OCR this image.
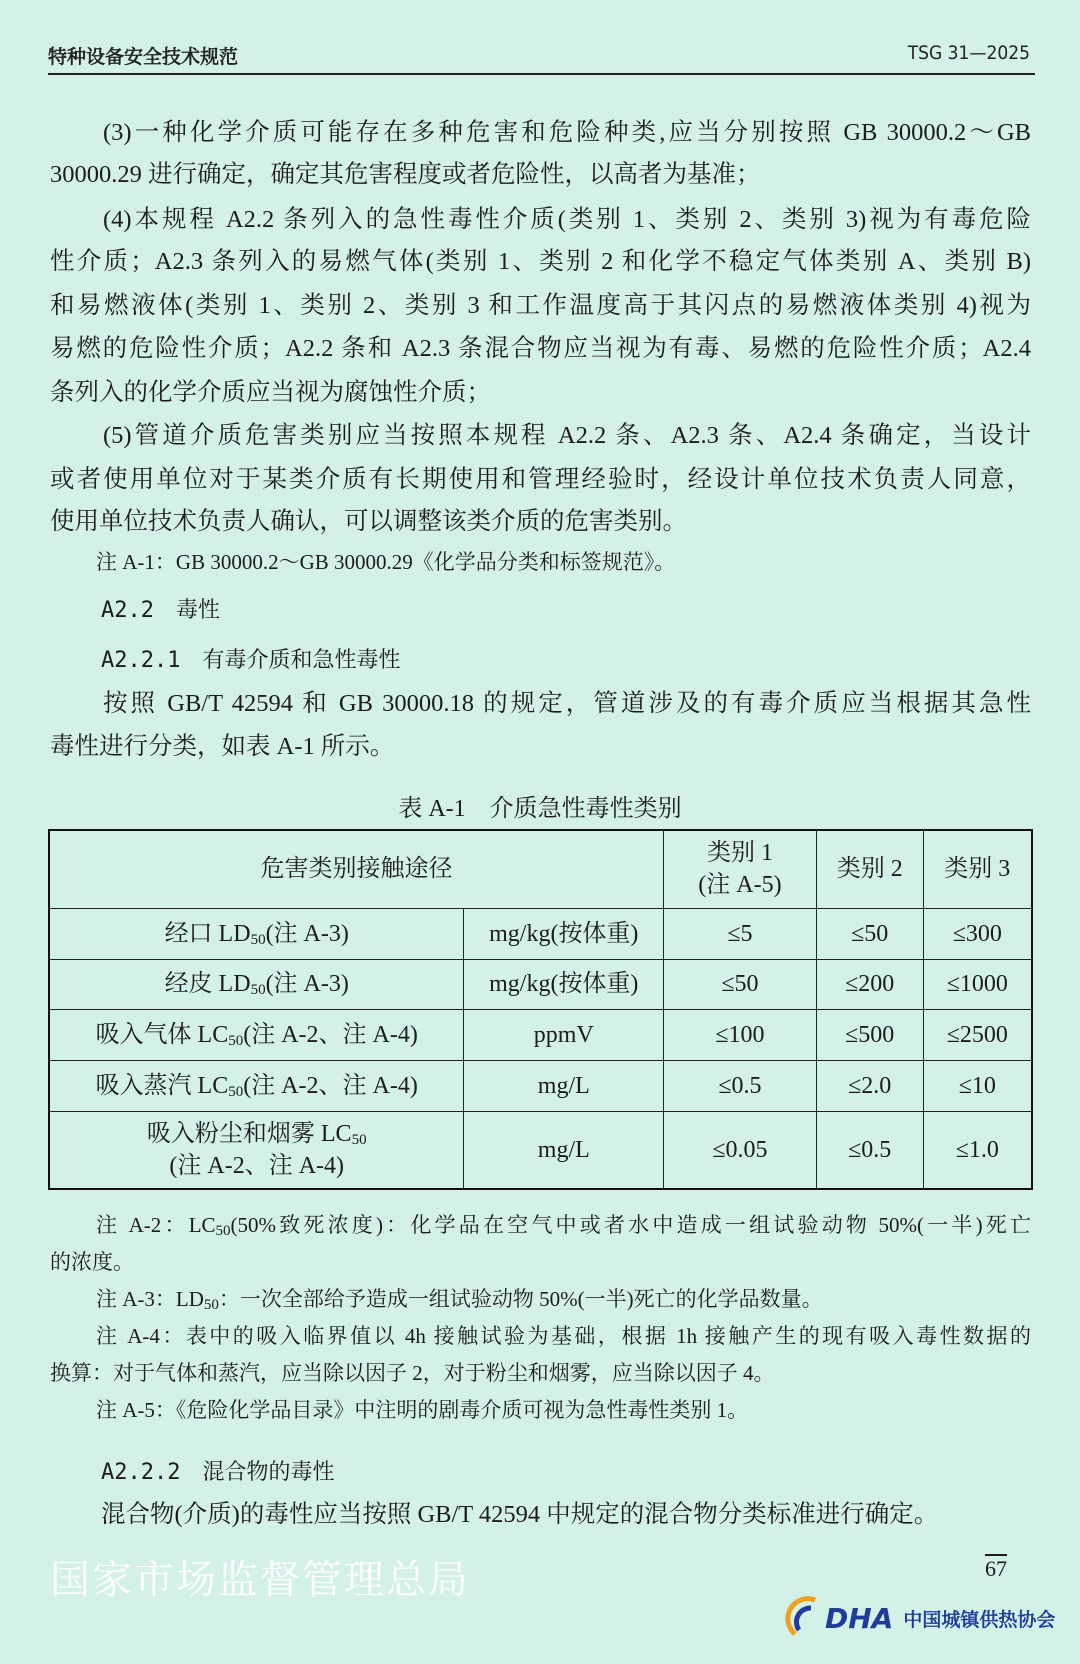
特种设备安全技术规范	TSG 31—2025
(3)一种化学介质可能存在多种危害和危险种类,应当分别按照 GB 30000.2～GB
30000.29 进行确定，确定其危害程度或者危险性，以高者为基准；
(4)本规程 A2.2 条列入的急性毒性介质(类别 1、类别 2、类别 3)视为有毒危险
性介质；A2.3 条列入的易燃气体(类别 1、类别 2 和化学不稳定气体类别 A、类别 B)
和易燃液体(类别 1、类别 2、类别 3 和工作温度高于其闪点的易燃液体类别 4)视为
易燃的危险性介质；A2.2 条和 A2.3 条混合物应当视为有毒、易燃的危险性介质；A2.4
条列入的化学介质应当视为腐蚀性介质；
(5)管道介质危害类别应当按照本规程 A2.2 条、A2.3 条、A2.4 条确定，当设计
或者使用单位对于某类介质有长期使用和管理经验时，经设计单位技术负责人同意，
使用单位技术负责人确认，可以调整该类介质的危害类别。
注 A-1：GB 30000.2～GB 30000.29《化学品分类和标签规范》。
A2.2　毒性
A2.2.1　有毒介质和急性毒性
按照 GB/T 42594 和 GB 30000.18 的规定，管道涉及的有毒介质应当根据其急性
毒性进行分类，如表 A-1 所示。
表 A-1　介质急性毒性类别
危害类别接触途径		类别 1
(注 A-5)	类别 2	类别 3
经口 $LD_{50}$(注 A-3)	mg/kg(按体重)	≤5	≤50	≤300
经皮 $LD_{50}$(注 A-3)	mg/kg(按体重)	≤50	≤200	≤1000
吸入气体 $LC_{50}$(注 A-2、注 A-4)	ppmV	≤100	≤500	≤2500
吸入蒸汽 $LC_{50}$(注 A-2、注 A-4)	mg/L	≤0.5	≤2.0	≤10
吸入粉尘和烟雾 $LC_{50}$
(注 A-2、注 A-4)	mg/L	≤0.05	≤0.5	≤1.0
注 A-2：$LC_{50}(50\%$致死浓度)：化学品在空气中或者水中造成一组试验动物 50%(一半)死亡
的浓度。
注 A-3：$LD_{50}$：一次全部给予造成一组试验动物 50%(一半)死亡的化学品数量。
注 A-4：表中的吸入临界值以 4h 接触试验为基础，根据 1h 接触产生的现有吸入毒性数据的
换算：对于气体和蒸汽，应当除以因子 2，对于粉尘和烟雾，应当除以因子 4。
注 A-5：《危险化学品目录》中注明的剧毒介质可视为急性毒性类别 1。
A2.2.2　混合物的毒性
混合物(介质)的毒性应当按照 GB/T 42594 中规定的混合物分类标准进行确定。
国家市场监督管理总局	67
DHA 中国城镇供热协会
